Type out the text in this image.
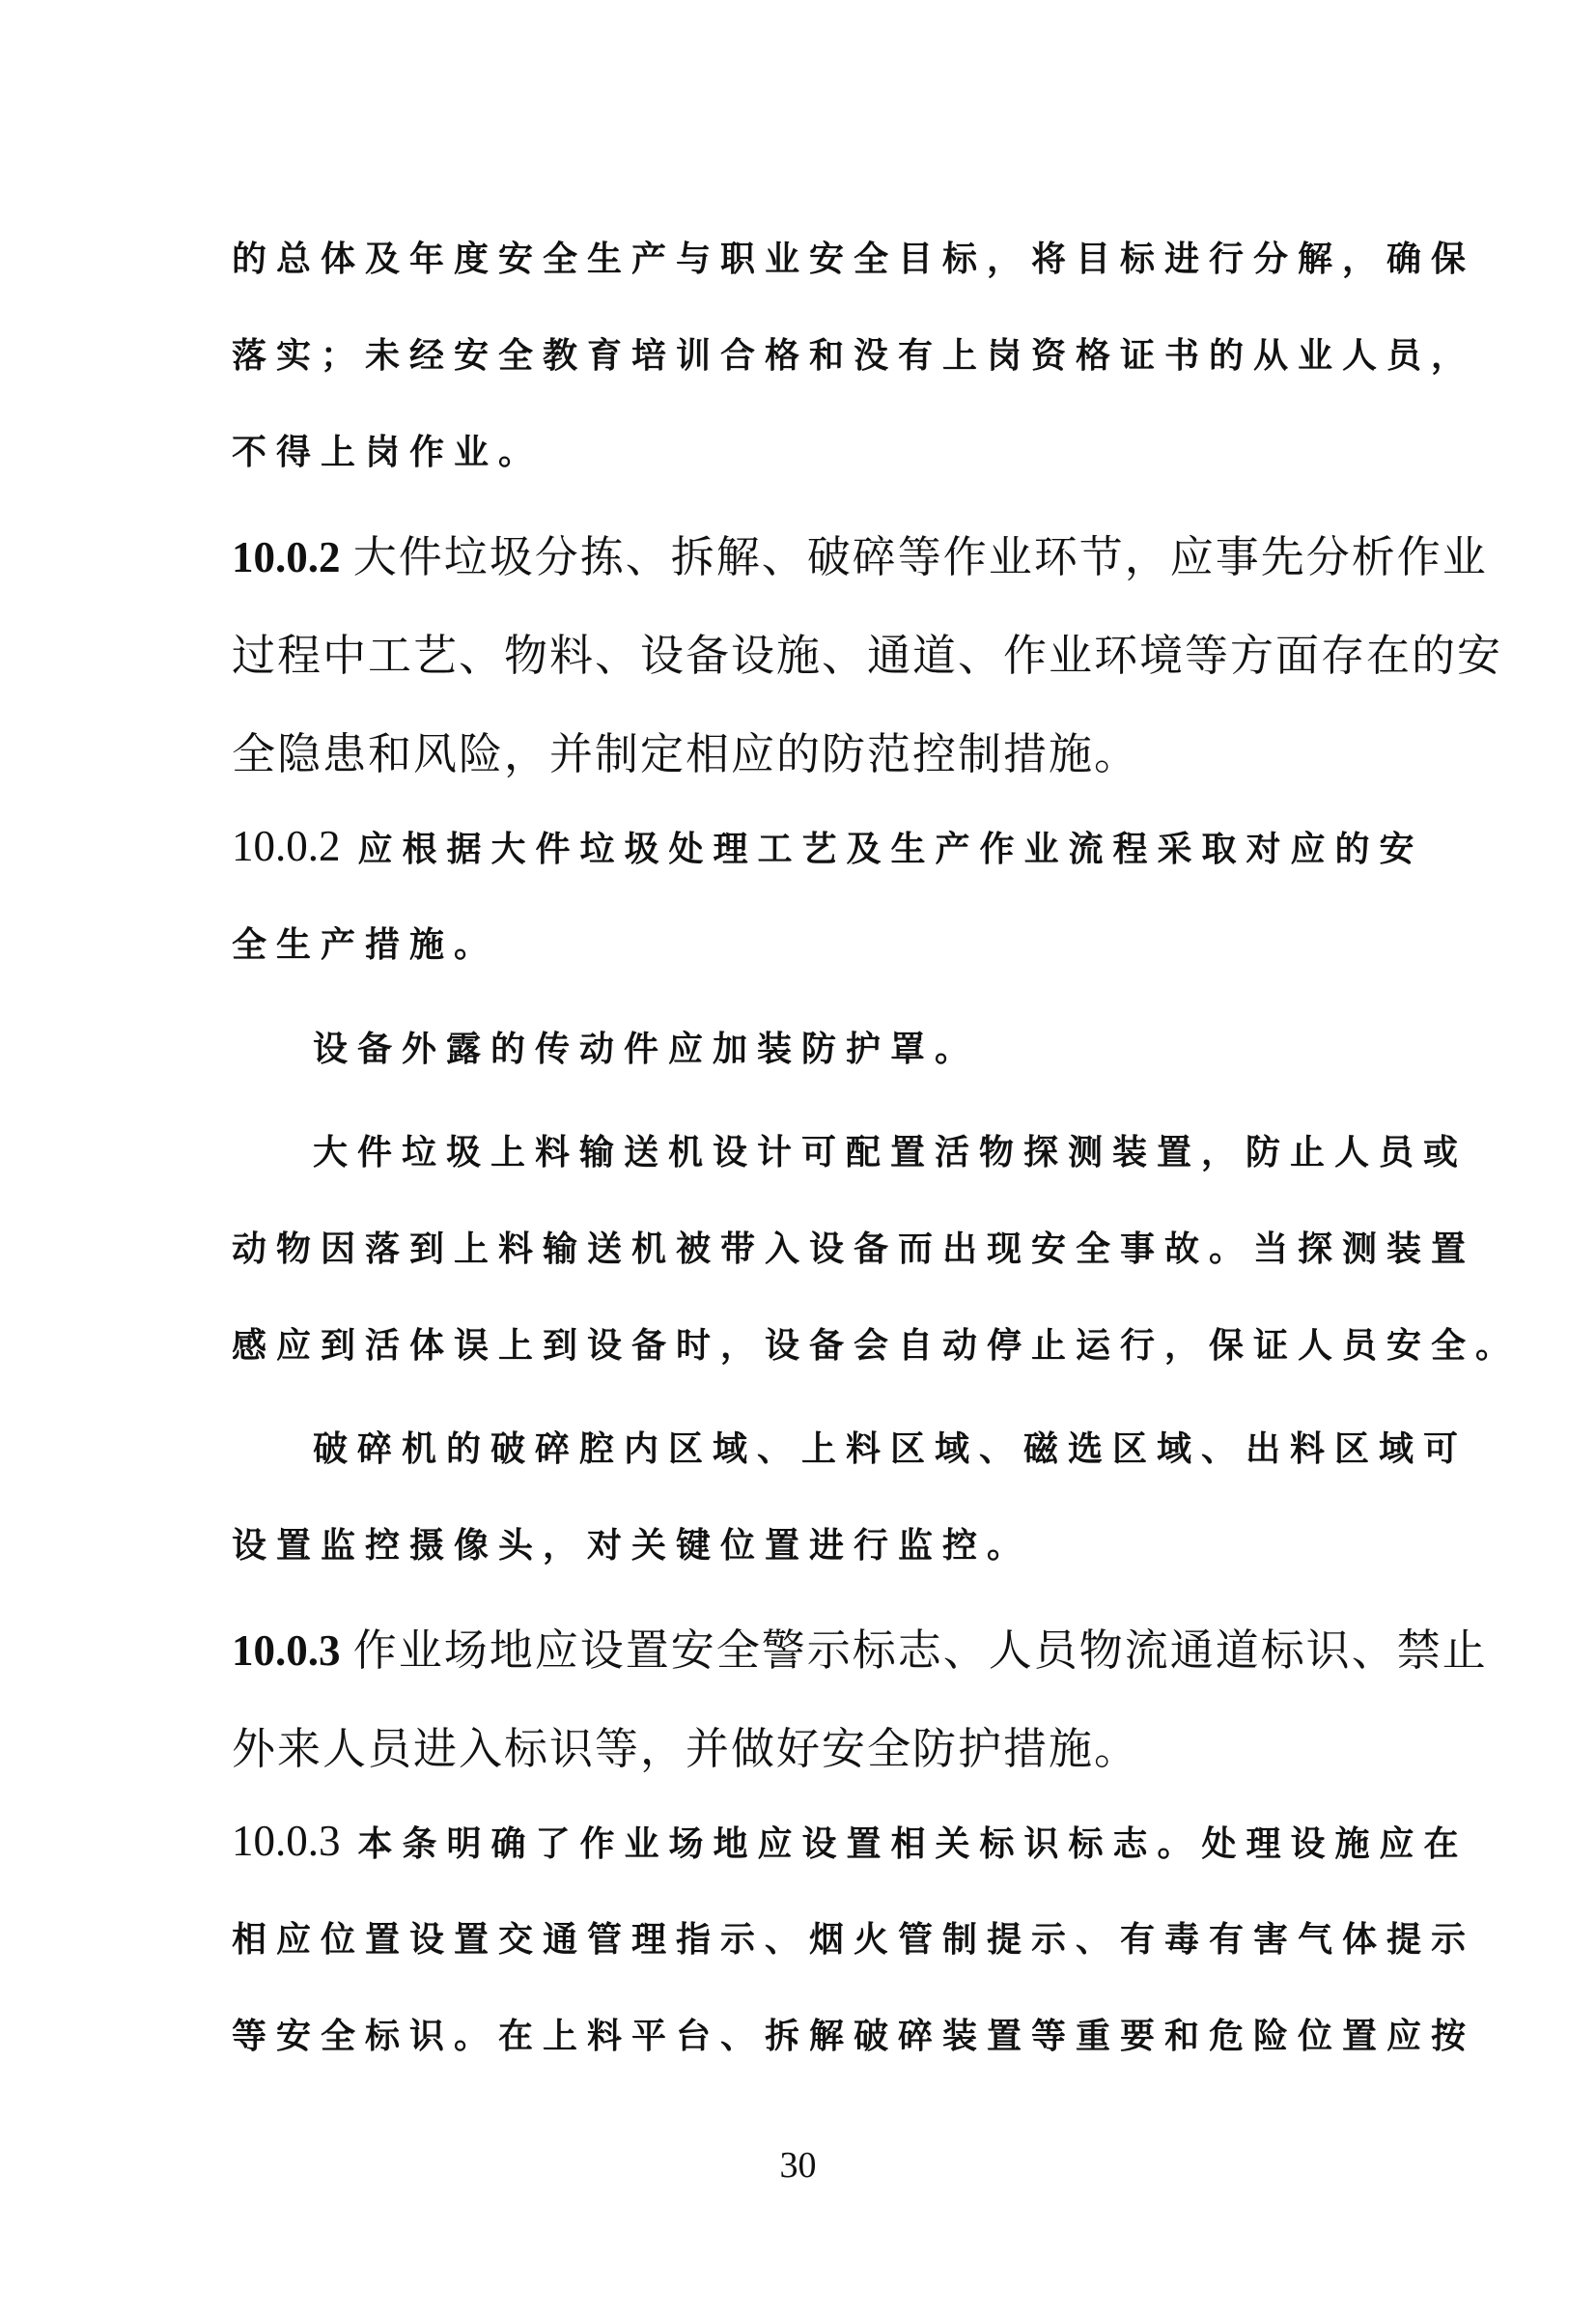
的总体及年度安全生产与职业安全目标，将目标进行分解，确保
落实；未经安全教育培训合格和没有上岗资格证书的从业人员，
不得上岗作业。
10.0.2 大件垃圾分拣、拆解、破碎等作业环节，应事先分析作业
过程中工艺、物料、设备设施、通道、作业环境等方面存在的安
全隐患和风险，并制定相应的防范控制措施。
10.0.2 应根据大件垃圾处理工艺及生产作业流程采取对应的安
全生产措施。
设备外露的传动件应加装防护罩。
大件垃圾上料输送机设计可配置活物探测装置，防止人员或
动物因落到上料输送机被带入设备而出现安全事故。当探测装置
感应到活体误上到设备时，设备会自动停止运行，保证人员安全。
破碎机的破碎腔内区域、上料区域、磁选区域、出料区域可
设置监控摄像头，对关键位置进行监控。
10.0.3 作业场地应设置安全警示标志、人员物流通道标识、禁止
外来人员进入标识等，并做好安全防护措施。
10.0.3 本条明确了作业场地应设置相关标识标志。处理设施应在
相应位置设置交通管理指示、烟火管制提示、有毒有害气体提示
等安全标识。在上料平台、拆解破碎装置等重要和危险位置应按
30
